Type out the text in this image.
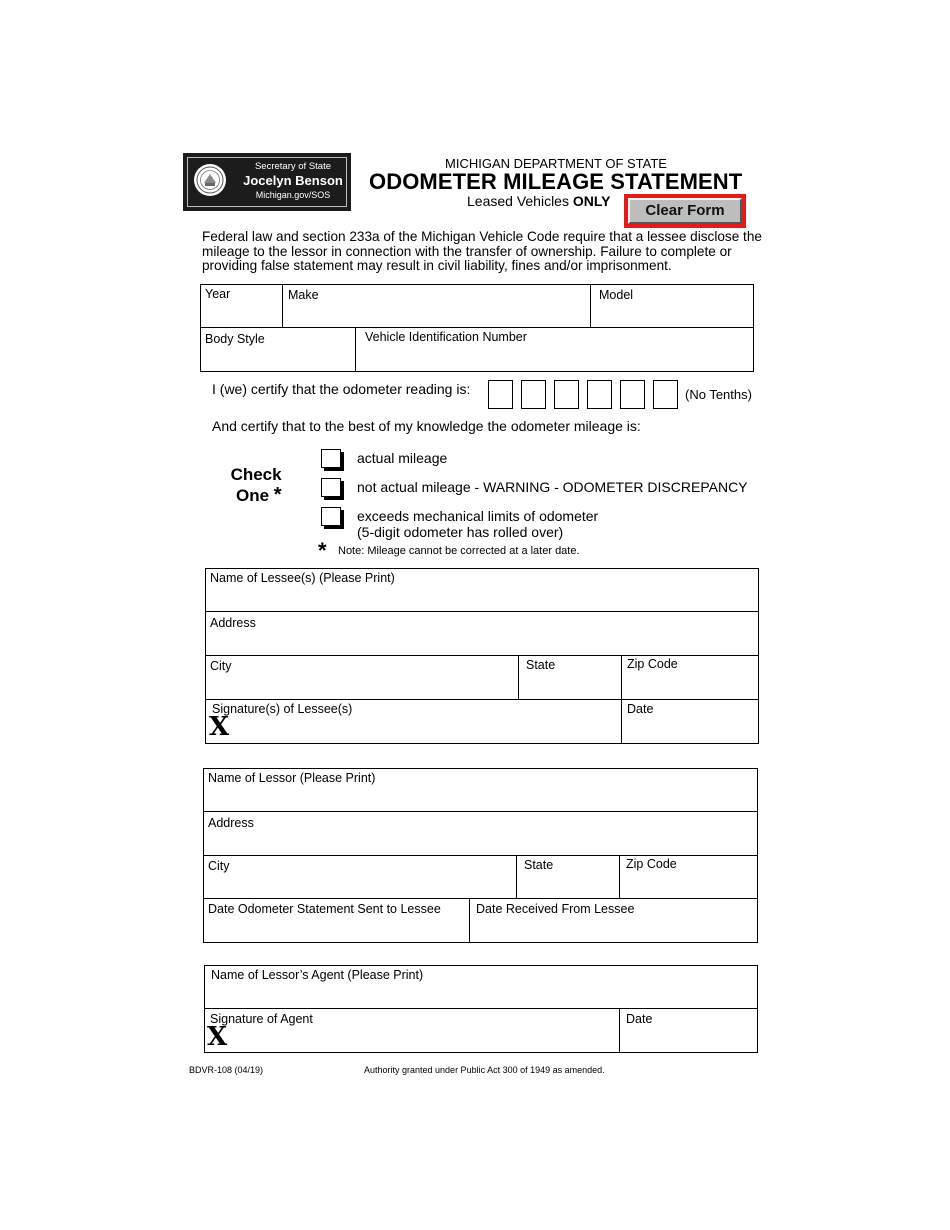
Secretary of State
Jocelyn Benson
Michigan.gov/SOS
MICHIGAN DEPARTMENT OF STATE
ODOMETER MILEAGE STATEMENT
Leased Vehicles ONLY
Clear Form
Federal law and section 233a of the Michigan Vehicle Code require that a lessee disclose the mileage to the lessor in connection with the transfer of ownership. Failure to complete or providing false statement may result in civil liability, fines and/or imprisonment.
Year	Make	Model
Body Style	Vehicle Identification Number
I (we) certify that the odometer reading is:	(No Tenths)
And certify that to the best of my knowledge the odometer mileage is:
Check
One *
actual mileage
not actual mileage - WARNING - ODOMETER DISCREPANCY
exceeds mechanical limits of odometer
(5-digit odometer has rolled over)
* Note: Mileage cannot be corrected at a later date.
Name of Lessee(s) (Please Print)
Address
City	State	Zip Code
Signature(s) of Lessee(s)	Date
X
Name of Lessor (Please Print)
Address
City	State	Zip Code
Date Odometer Statement Sent to Lessee	Date Received From Lessee
Name of Lessor’s Agent (Please Print)
Signature of Agent	Date
X
BDVR-108 (04/19)	Authority granted under Public Act 300 of 1949 as amended.
